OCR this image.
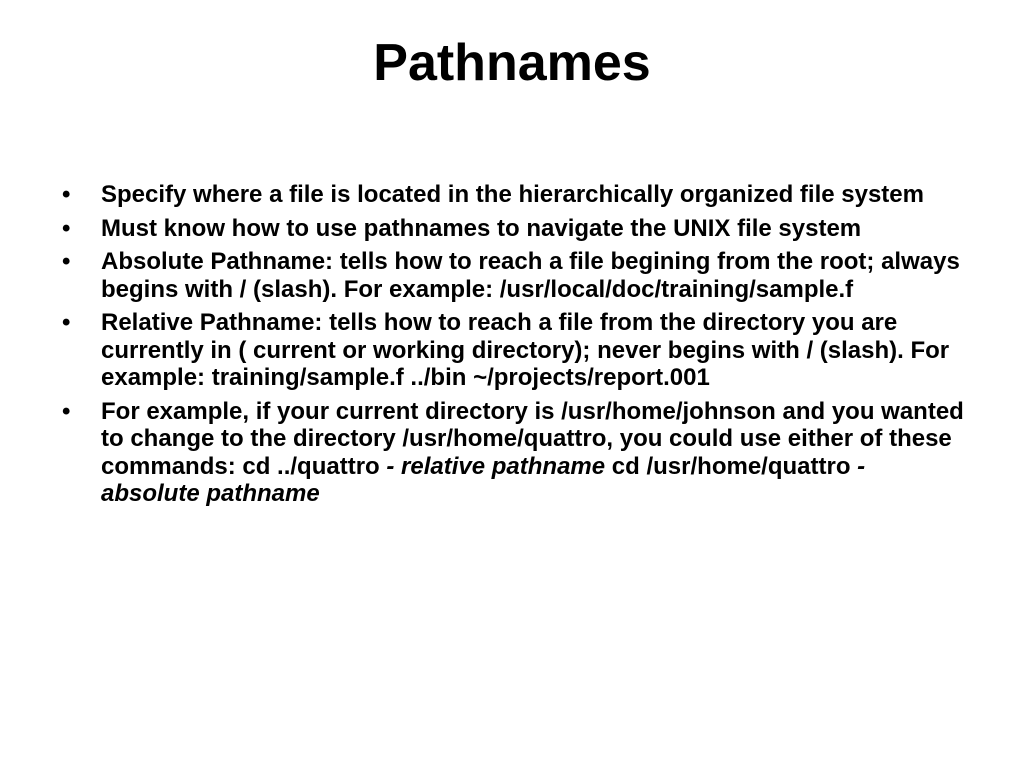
Pathnames
•	Specify where a file is located in the hierarchically organized file system
•	Must know how to use pathnames to navigate the UNIX file system
•	Absolute Pathname: tells how to reach a file begining from the root; always begins with / (slash). For example: /usr/local/doc/training/sample.f
•	Relative Pathname: tells how to reach a file from the directory you are currently in ( current or working directory); never begins with / (slash). For example: training/sample.f ../bin ~/projects/report.001
•	For example, if your current directory is /usr/home/johnson and you wanted to change to the directory /usr/home/quattro, you could use either of these commands: cd ../quattro - relative pathname cd /usr/home/quattro - absolute pathname
